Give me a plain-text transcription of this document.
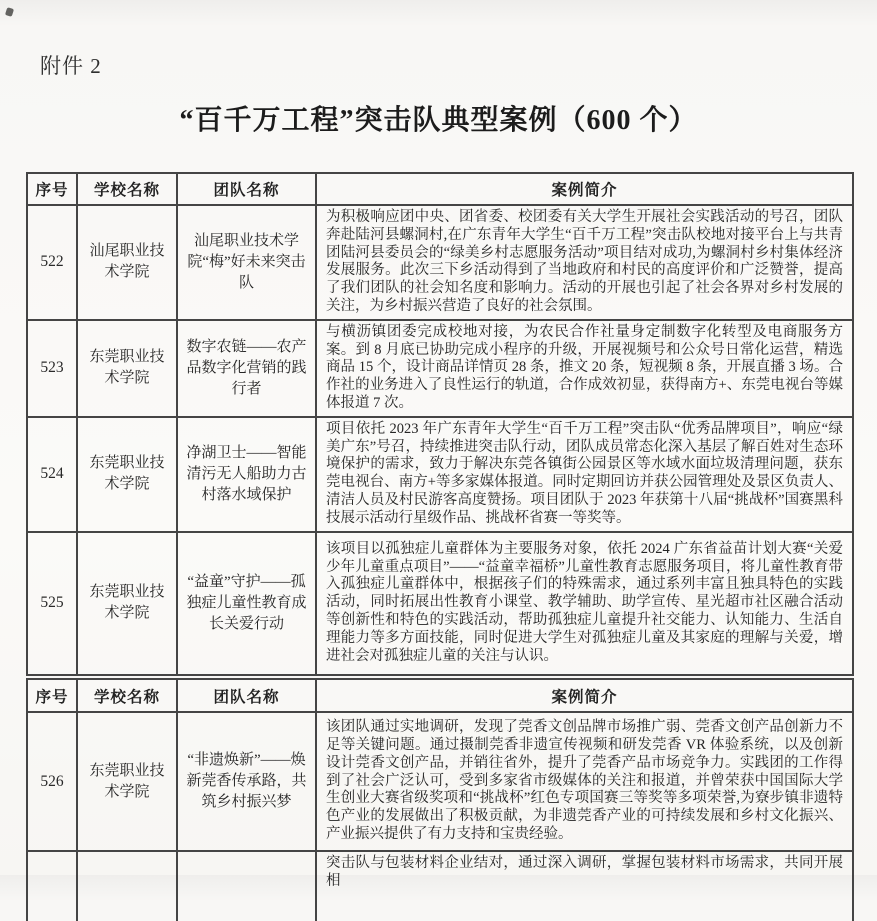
附件 2
“百千万工程”突击队典型案例（600 个）
序号	学校名称	团队名称	案例简介
522	汕尾职业技术学院	汕尾职业技术学院“梅”好未来突击队	为积极响应团中央、团省委、校团委有关大学生开展社会实践活动的号召，团队奔赴陆河县螺洞村,在广东青年大学生“百千万工程”突击队校地对接平台上与共青团陆河县委员会的“绿美乡村志愿服务活动”项目结对成功,为螺洞村乡村集体经济发展服务。此次三下乡活动得到了当地政府和村民的高度评价和广泛赞誉，提高了我们团队的社会知名度和影响力。活动的开展也引起了社会各界对乡村发展的关注，为乡村振兴营造了良好的社会氛围。
523	东莞职业技术学院	数字农链——农产品数字化营销的践行者	与横沥镇团委完成校地对接，为农民合作社量身定制数字化转型及电商服务方案。到 8 月底已协助完成小程序的升级，开展视频号和公众号日常化运营，精选商品 15 个，设计商品详情页 28 条，推文 20 条，短视频 8 条，开展直播 3 场。合作社的业务进入了良性运行的轨道，合作成效初显，获得南方+、东莞电视台等媒体报道 7 次。
524	东莞职业技术学院	净湖卫士——智能清污无人船助力古村落水域保护	项目依托 2023 年广东青年大学生“百千万工程”突击队“优秀品牌项目”，响应“绿美广东”号召，持续推进突击队行动，团队成员常态化深入基层了解百姓对生态环境保护的需求，致力于解决东莞各镇街公园景区等水域水面垃圾清理问题，获东莞电视台、南方+等多家媒体报道。同时定期回访并获公园管理处及景区负责人、清洁人员及村民游客高度赞扬。项目团队于 2023 年获第十八届“挑战杯”国赛黑科技展示活动行星级作品、挑战杯省赛一等奖等。
525	东莞职业技术学院	“益童”守护——孤独症儿童性教育成长关爱行动	该项目以孤独症儿童群体为主要服务对象，依托 2024 广东省益苗计划大赛“关爱少年儿童重点项目”——“益童幸福桥”儿童性教育志愿服务项目，将儿童性教育带入孤独症儿童群体中，根据孩子们的特殊需求，通过系列丰富且独具特色的实践活动，同时拓展出性教育小课堂、教学辅助、助学宣传、星光超市社区融合活动等创新性和特色的实践活动，帮助孤独症儿童提升社交能力、认知能力、生活自理能力等多方面技能，同时促进大学生对孤独症儿童及其家庭的理解与关爱，增进社会对孤独症儿童的关注与认识。
序号	学校名称	团队名称	案例简介
526	东莞职业技术学院	“非遗焕新”——焕新莞香传承路，共筑乡村振兴梦	该团队通过实地调研，发现了莞香文创品牌市场推广弱、莞香文创产品创新力不足等关键问题。通过摄制莞香非遗宣传视频和研发莞香 VR 体验系统，以及创新设计莞香文创产品，并销往省外，提升了莞香产品市场竞争力。实践团的工作得到了社会广泛认可，受到多家省市级媒体的关注和报道，并曾荣获中国国际大学生创业大赛省级奖项和“挑战杯”红色专项国赛三等奖等多项荣誉,为寮步镇非遗特色产业的发展做出了积极贡献，为非遗莞香产业的可持续发展和乡村文化振兴、产业振兴提供了有力支持和宝贵经验。
			突击队与包装材料企业结对，通过深入调研，掌握包装材料市场需求，共同开展相
